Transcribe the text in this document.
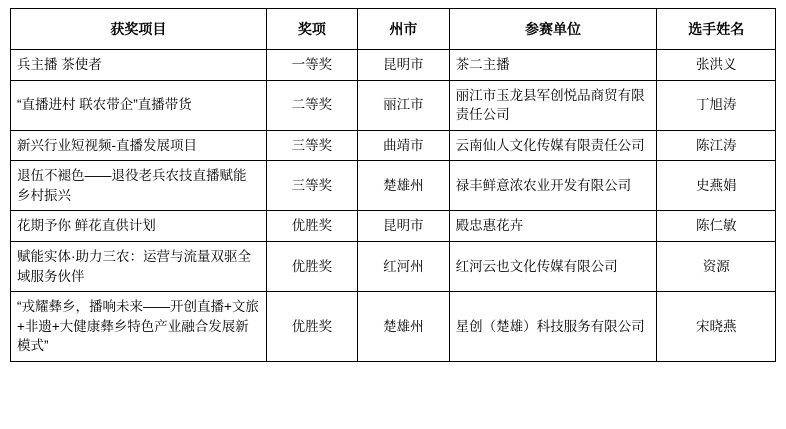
获奖项目	奖项	州市	参赛单位	选手姓名
兵主播 茶使者	一等奖	昆明市	茶二主播	张洪义
“直播进村 联农带企”直播带货	二等奖	丽江市	丽江市玉龙县军创悦品商贸有限责任公司	丁旭涛
新兴行业短视频-直播发展项目	三等奖	曲靖市	云南仙人文化传媒有限责任公司	陈江涛
退伍不褪色——退役老兵农技直播赋能乡村振兴	三等奖	楚雄州	禄丰鲜意浓农业开发有限公司	史燕娟
花期予你 鲜花直供计划	优胜奖	昆明市	殿忠惠花卉	陈仁敏
赋能实体·助力三农：运营与流量双驱全域服务伙伴	优胜奖	红河州	红河云也文化传媒有限公司	资源
“戎耀彝乡，播响未来——开创直播+文旅+非遗+大健康彝乡特色产业融合发展新模式”	优胜奖	楚雄州	星创（楚雄）科技服务有限公司	宋晓燕
